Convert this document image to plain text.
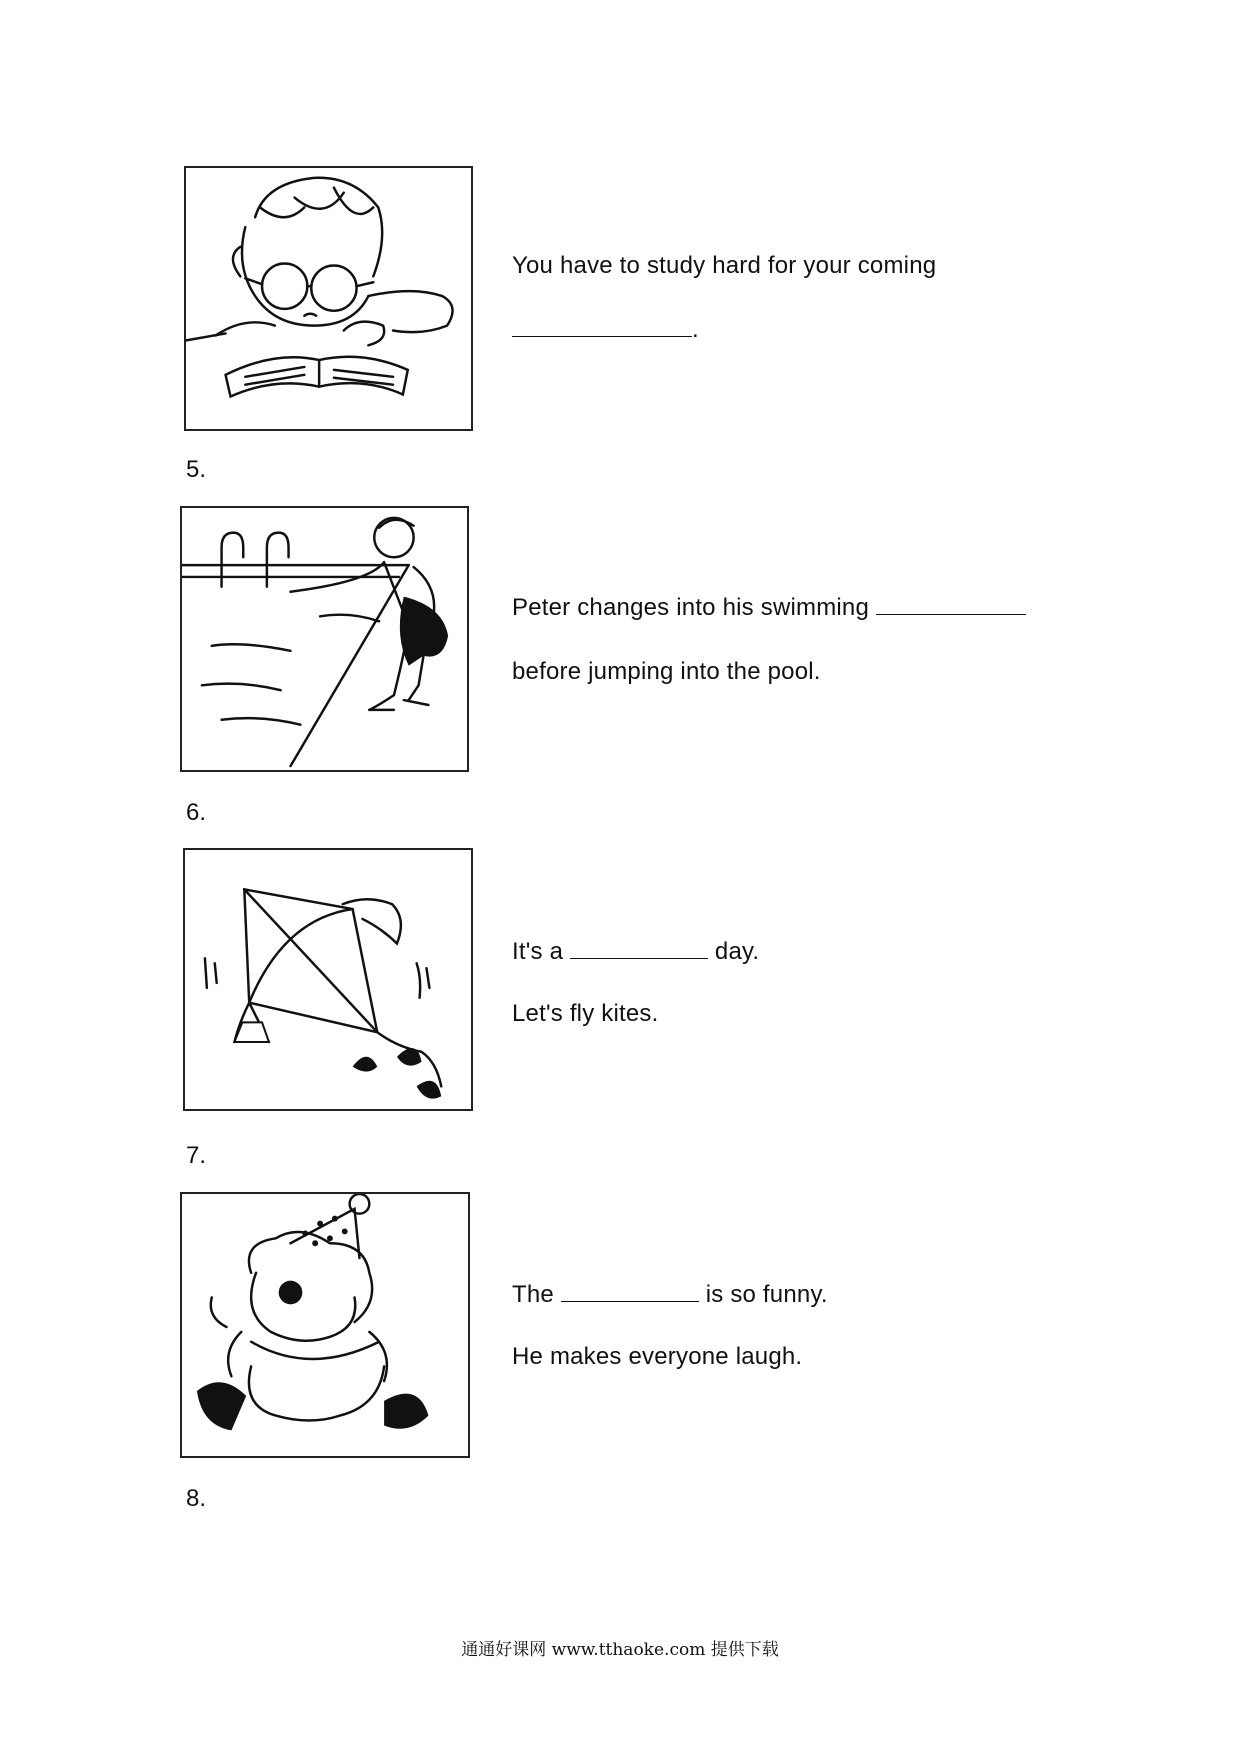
You have to study hard for your coming
.
5.
Peter changes into his swimming
before jumping into the pool.
6.
It's a	day.
Let's fly kites.
7.
The	is so funny.
He makes everyone laugh.
8.
通通好课网 www.tthaoke.com 提供下载
